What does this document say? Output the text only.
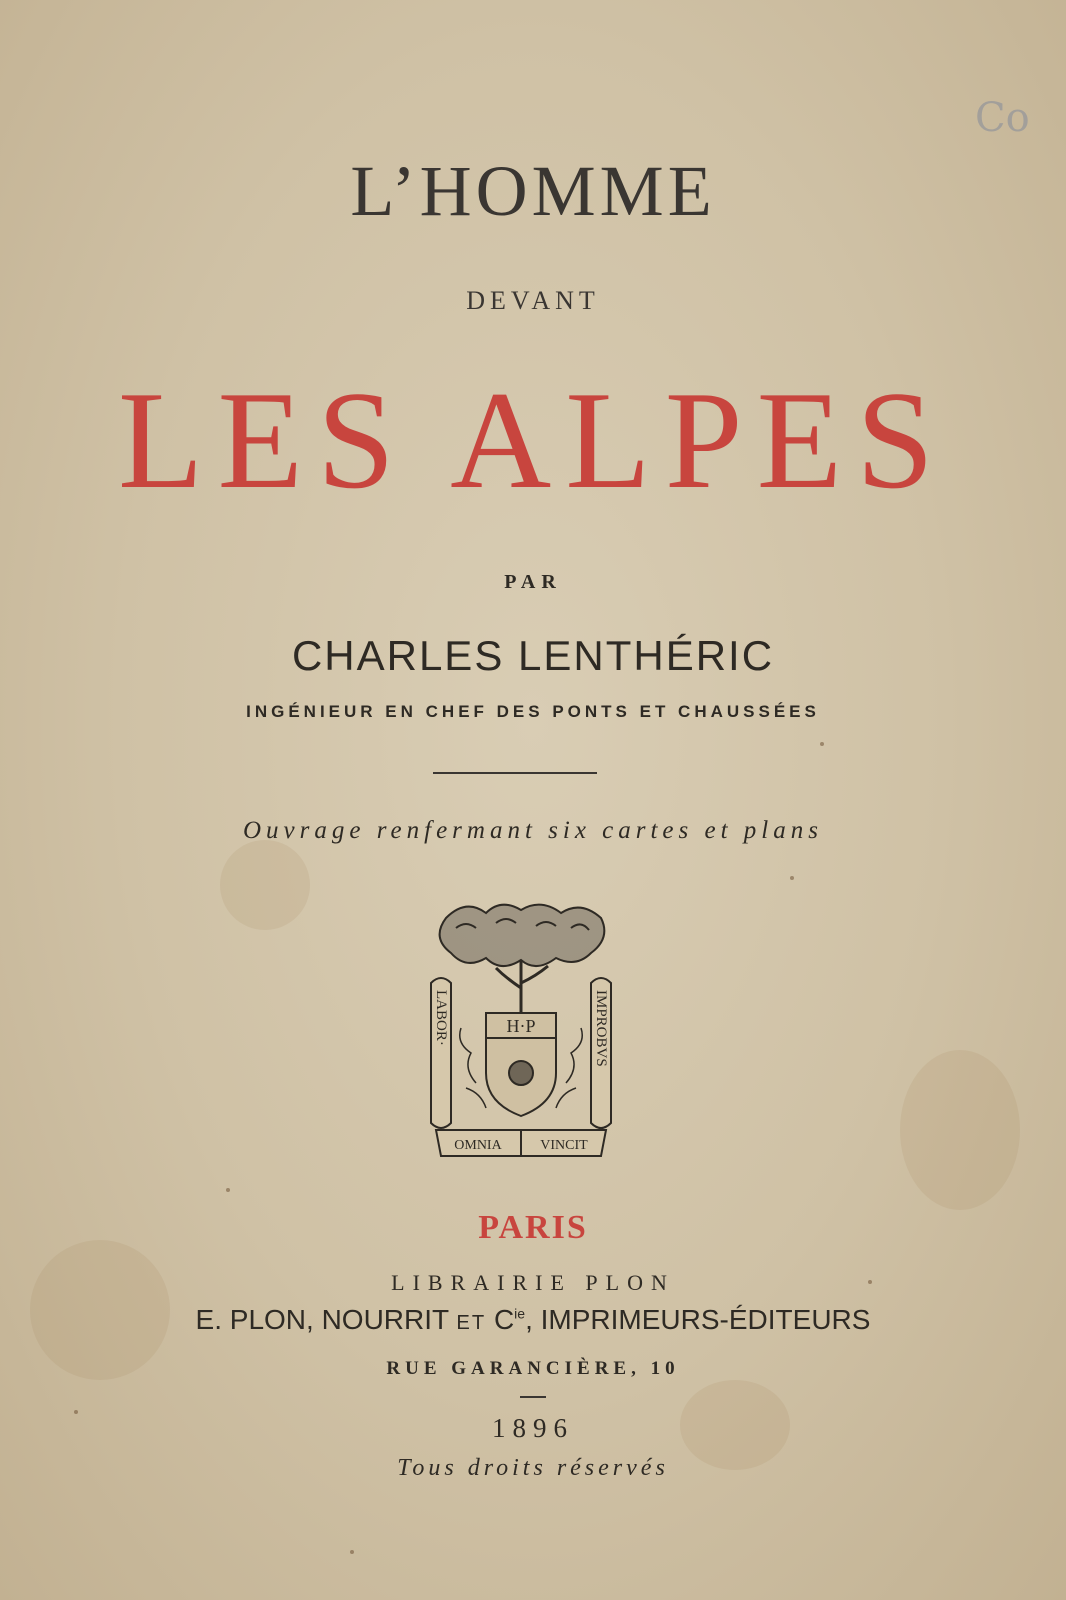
Co
L’HOMME
DEVANT
LES ALPES
PAR
CHARLES LENTHÉRIC
INGÉNIEUR EN CHEF DES PONTS ET CHAUSSÉES
Ouvrage renfermant six cartes et plans
LABOR·	IMPROBVS
H·P
OMNIA	VINCIT
PARIS
LIBRAIRIE PLON
E. PLON, NOURRIT ET $C^{ie}$, IMPRIMEURS-ÉDITEURS
RUE GARANCIÈRE, 10
1896
Tous droits réservés
